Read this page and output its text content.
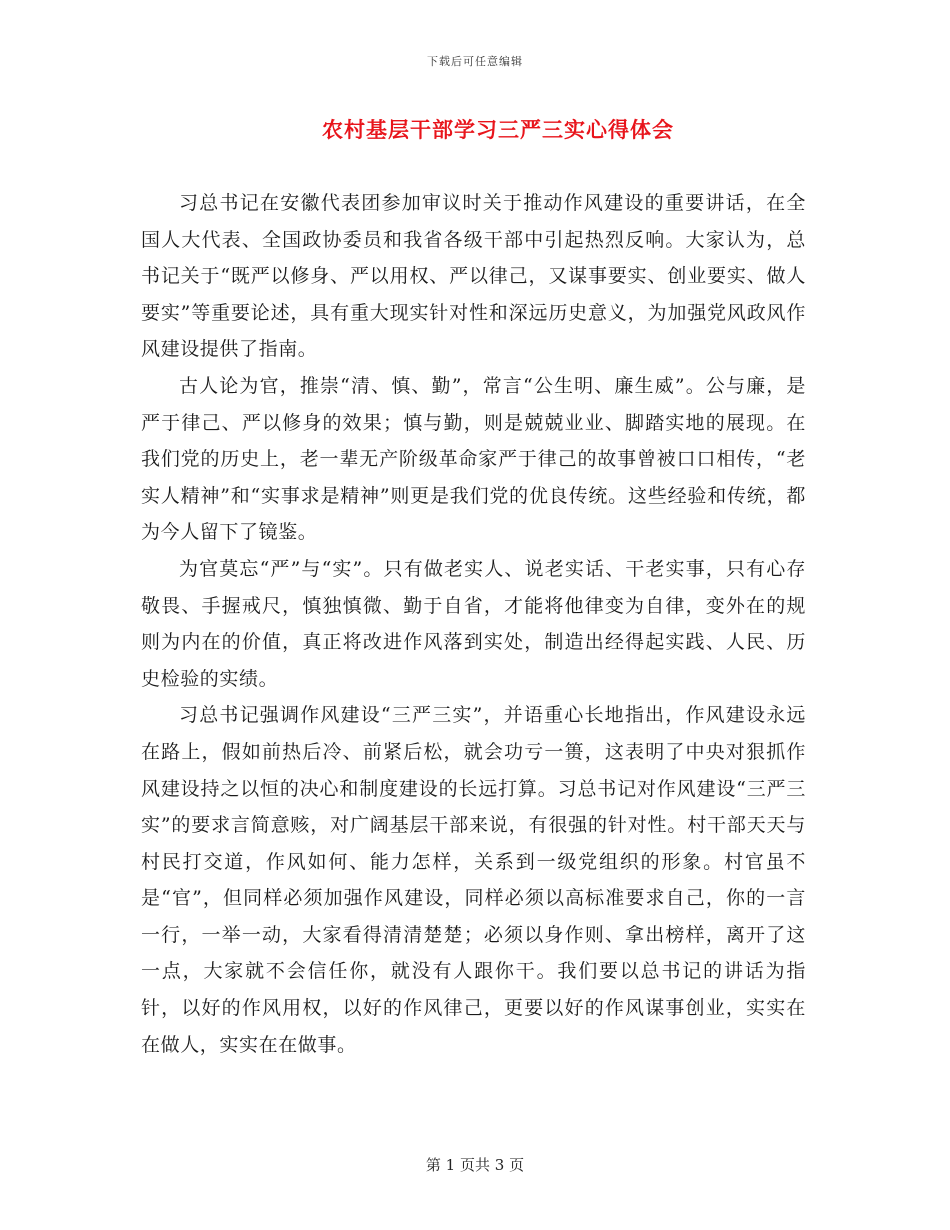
下载后可任意编辑
农村基层干部学习三严三实心得体会

习总书记在安徽代表团参加审议时关于推动作风建设的重要讲话，在全国人大代表、全国政协委员和我省各级干部中引起热烈反响。大家认为，总书记关于“既严以修身、严以用权、严以律己，又谋事要实、创业要实、做人要实”等重要论述，具有重大现实针对性和深远历史意义，为加强党风政风作风建设提供了指南。

古人论为官，推崇“清、慎、勤”，常言“公生明、廉生威”。公与廉，是严于律己、严以修身的效果；慎与勤，则是兢兢业业、脚踏实地的展现。在我们党的历史上，老一辈无产阶级革命家严于律己的故事曾被口口相传，“老实人精神”和“实事求是精神”则更是我们党的优良传统。这些经验和传统，都为今人留下了镜鉴。

为官莫忘“严”与“实”。只有做老实人、说老实话、干老实事，只有心存敬畏、手握戒尺，慎独慎微、勤于自省，才能将他律变为自律，变外在的规则为内在的价值，真正将改进作风落到实处，制造出经得起实践、人民、历史检验的实绩。

习总书记强调作风建设“三严三实”，并语重心长地指出，作风建设永远在路上，假如前热后冷、前紧后松，就会功亏一篑，这表明了中央对狠抓作风建设持之以恒的决心和制度建设的长远打算。习总书记对作风建设“三严三实”的要求言简意赅，对广阔基层干部来说，有很强的针对性。村干部天天与村民打交道，作风如何、能力怎样，关系到一级党组织的形象。村官虽不是“官”，但同样必须加强作风建设，同样必须以高标准要求自己，你的一言一行，一举一动，大家看得清清楚楚；必须以身作则、拿出榜样，离开了这一点，大家就不会信任你，就没有人跟你干。我们要以总书记的讲话为指针，以好的作风用权，以好的作风律己，更要以好的作风谋事创业，实实在在做人，实实在在做事。

第 1 页共 3 页
